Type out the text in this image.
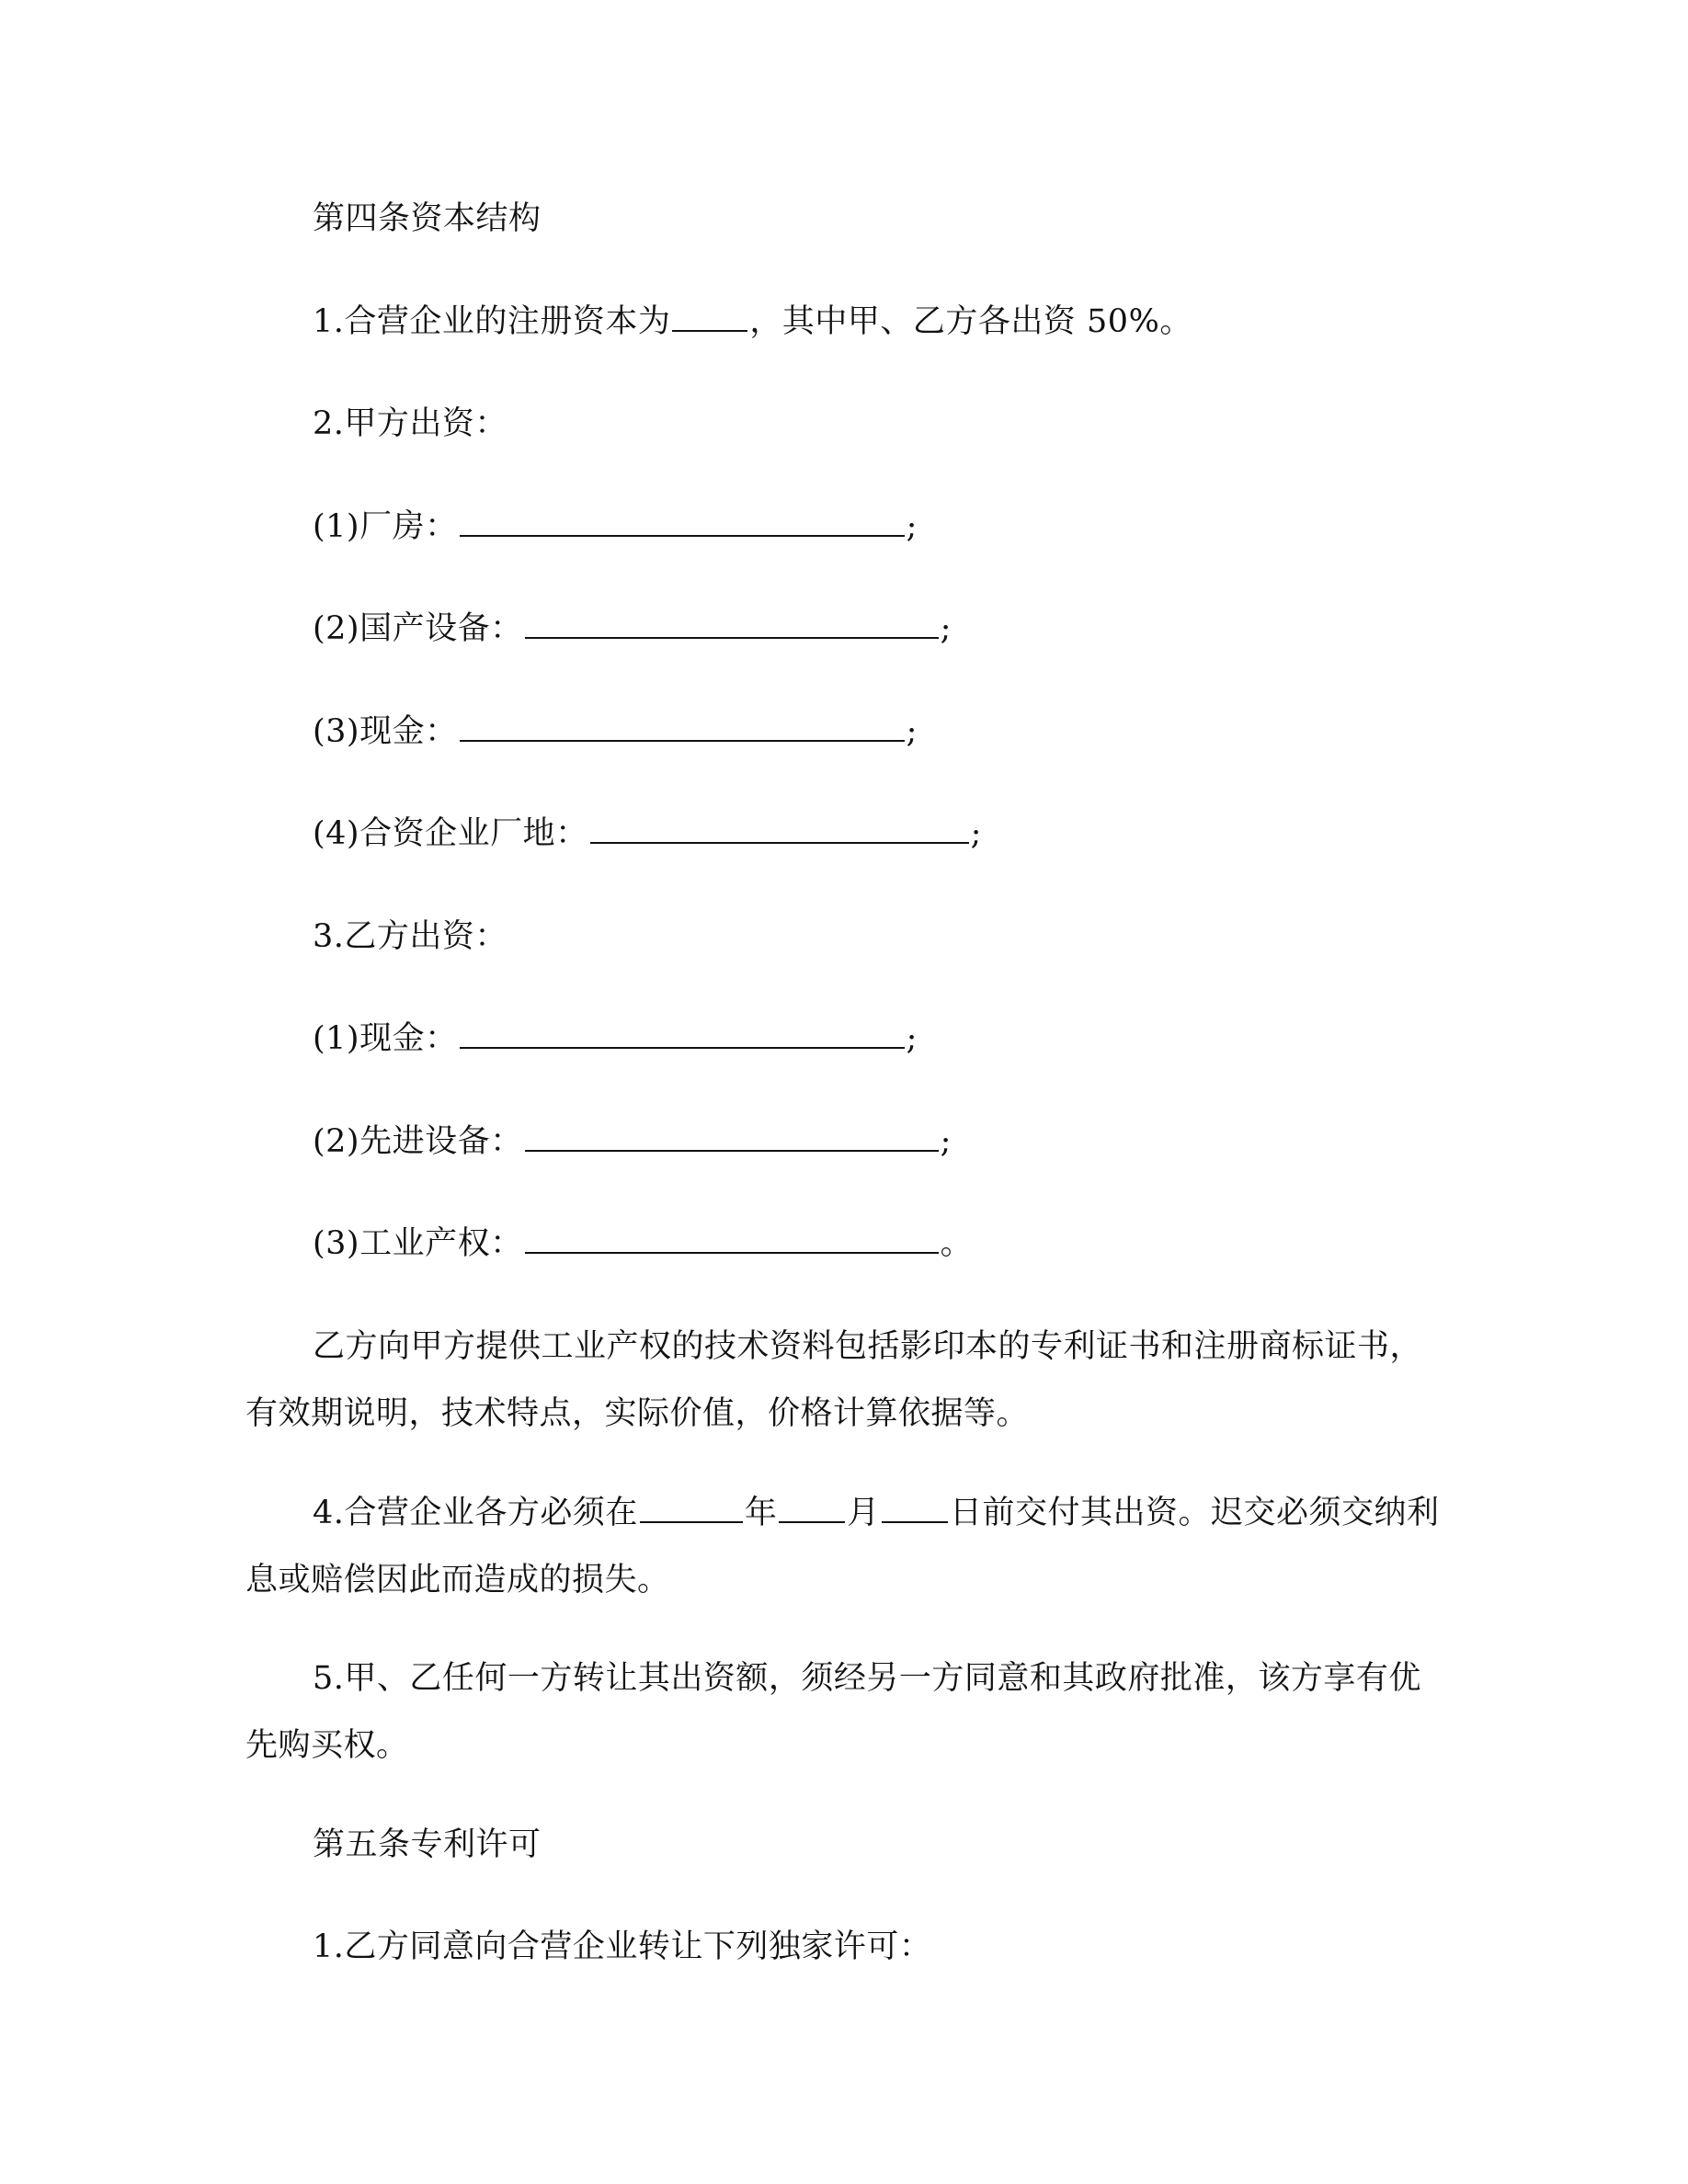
第四条资本结构
1.合营企业的注册资本为 ，其中甲、乙方各出资 50%。
2.甲方出资：
(1)厂房：	;
(2)国产设备：	;
(3)现金：	;
(4)合资企业厂地：	;
3.乙方出资：
(1)现金：	;
(2)先进设备：	;
(3)工业产权：	。
乙方向甲方提供工业产权的技术资料包括影印本的专利证书和注册商标证书，
有效期说明，技术特点，实际价值，价格计算依据等。
4.合营企业各方必须在	年 月 日前交付其出资。迟交必须交纳利
息或赔偿因此而造成的损失。
5.甲、乙任何一方转让其出资额，须经另一方同意和其政府批准，该方享有优
先购买权。
第五条专利许可
1.乙方同意向合营企业转让下列独家许可：
